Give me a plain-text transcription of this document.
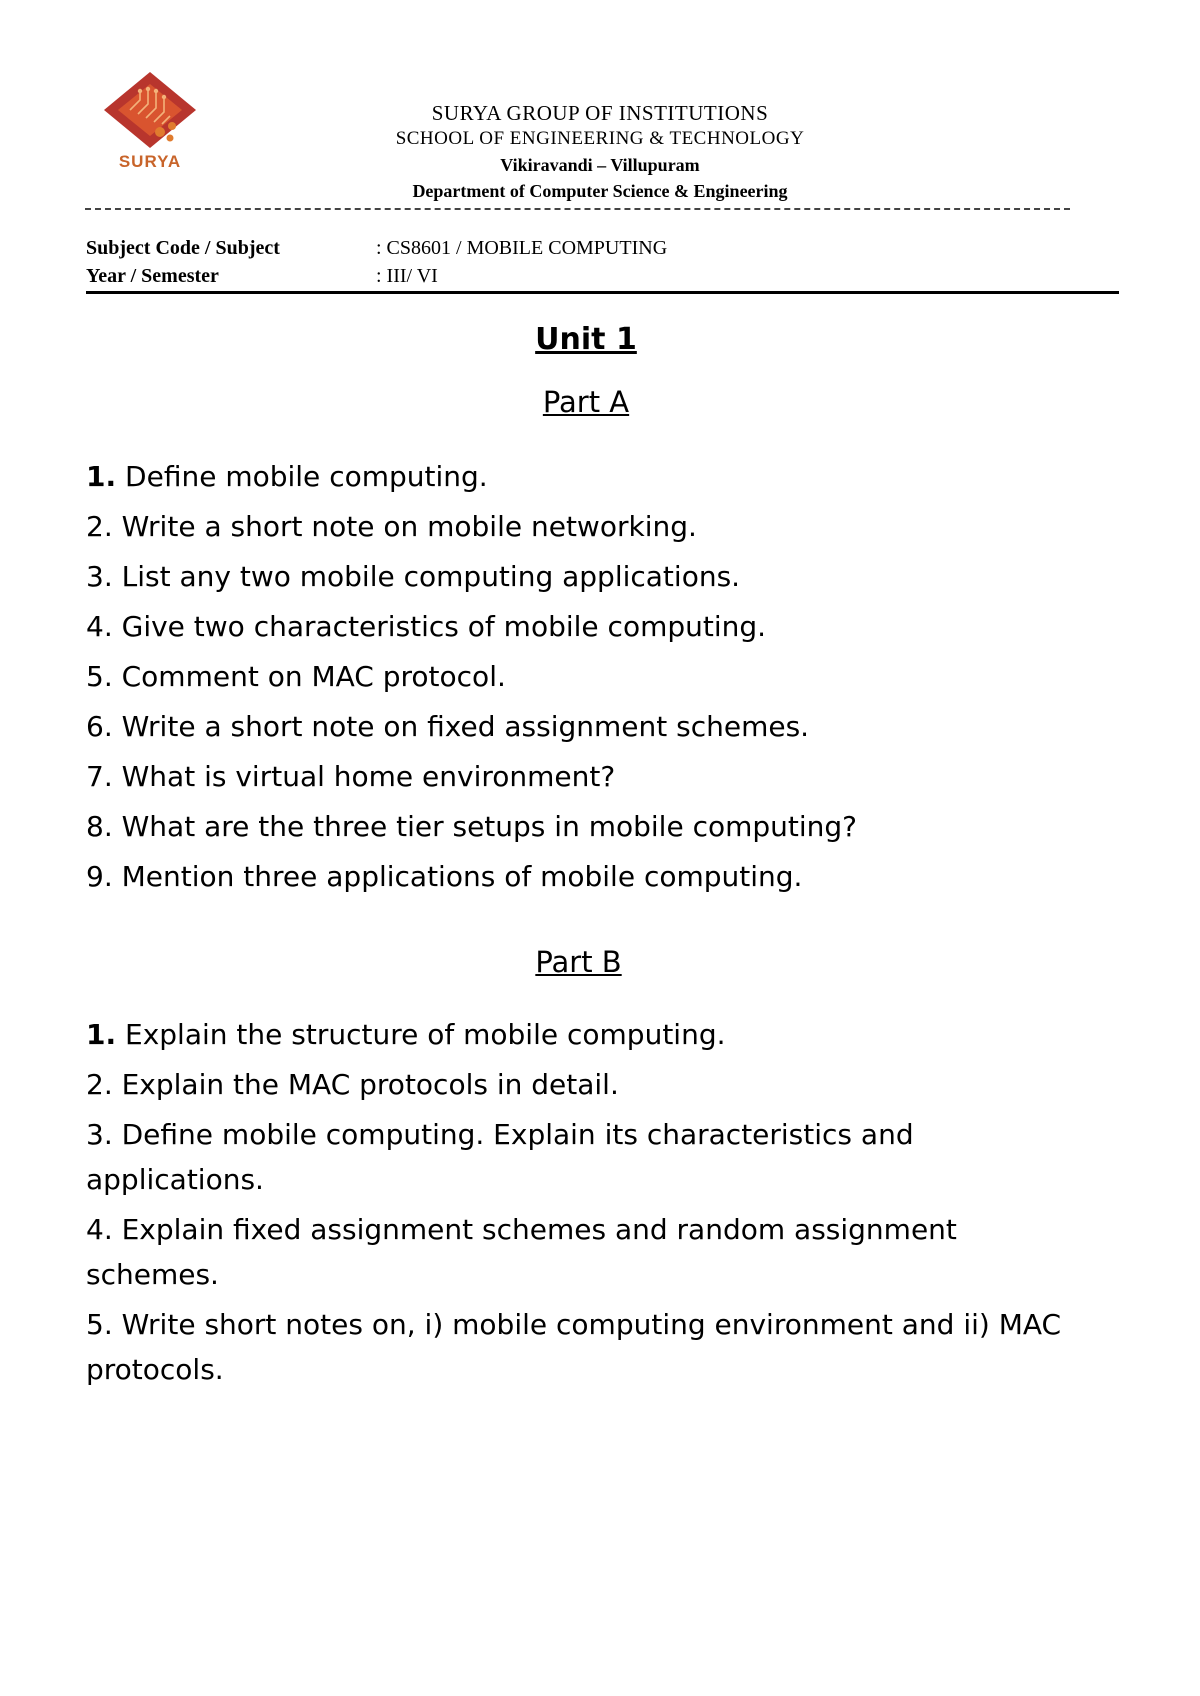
SURYA
SURYA GROUP OF INSTITUTIONS
SCHOOL OF ENGINEERING & TECHNOLOGY
Vikiravandi – Villupuram
Department of Computer Science & Engineering
Subject Code / Subject	: CS8601 / MOBILE COMPUTING
Year / Semester	: III/ VI
Unit 1
Part A
1. Define mobile computing.
2. Write a short note on mobile networking.
3. List any two mobile computing applications.
4. Give two characteristics of mobile computing.
5. Comment on MAC protocol.
6. Write a short note on fixed assignment schemes.
7. What is virtual home environment?
8. What are the three tier setups in mobile computing?
9. Mention three applications of mobile computing.
Part B
1. Explain the structure of mobile computing.
2. Explain the MAC protocols in detail.
3. Define mobile computing. Explain its characteristics and applications.
4. Explain fixed assignment schemes and random assignment schemes.
5. Write short notes on, i) mobile computing environment and ii) MAC protocols.
